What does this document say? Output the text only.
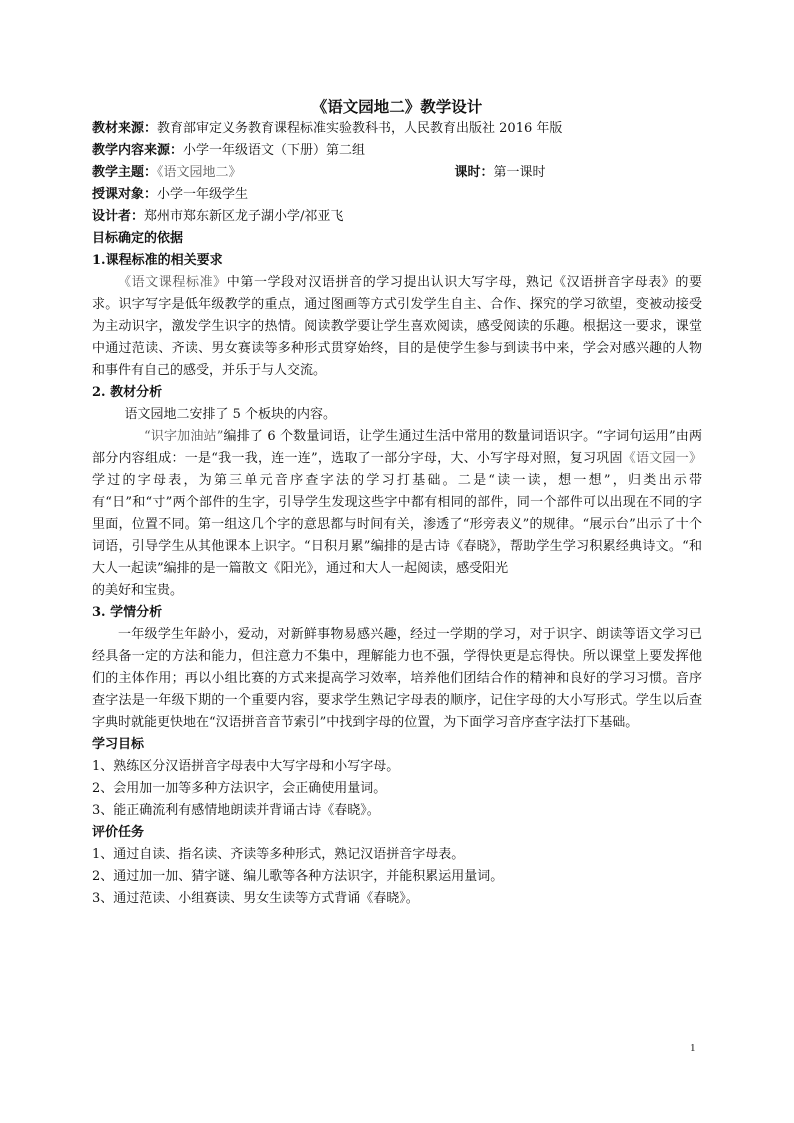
《语文园地二》教学设计

教材来源：教育部审定义务教育课程标准实验教科书，人民教育出版社 2016 年版

教学内容来源：小学一年级语文（下册）第二组

教学主题：《语文园地二》	课时：第一课时

授课对象：小学一年级学生

设计者：郑州市郑东新区龙子湖小学/祁亚飞

目标确定的依据

1.课程标准的相关要求

《语文课程标准》中第一学段对汉语拼音的学习提出认识大写字母，熟记《汉语拼音字母表》的要求。识字写字是低年级教学的重点，通过图画等方式引发学生自主、合作、探究的学习欲望，变被动接受为主动识字，激发学生识字的热情。阅读教学要让学生喜欢阅读，感受阅读的乐趣。根据这一要求，课堂中通过范读、齐读、男女赛读等多种形式贯穿始终，目的是使学生参与到读书中来，学会对感兴趣的人物和事件有自己的感受，并乐于与人交流。

2. 教材分析

语文园地二安排了 5 个板块的内容。

“识字加油站”编排了 6 个数量词语，让学生通过生活中常用的数量词语识字。“字词句运用”由两部分内容组成：一是“我一我，连一连”，选取了一部分字母，大、小写字母对照，复习巩固《语文园一》学过的字母表，为第三单元音序查字法的学习打基础。二是“读一读，想一想”，归类出示带有“日”和“寸”两个部件的生字，引导学生发现这些字中都有相同的部件，同一个部件可以出现在不同的字里面，位置不同。第一组这几个字的意思都与时间有关，渗透了“形旁表义”的规律。“展示台”出示了十个词语，引导学生从其他课本上识字。“日积月累”编排的是古诗《春晓》，帮助学生学习积累经典诗文。“和大人一起读”编排的是一篇散文《阳光》，通过和大人一起阅读，感受阳光

的美好和宝贵。

3. 学情分析

一年级学生年龄小，爱动，对新鲜事物易感兴趣，经过一学期的学习，对于识字、朗读等语文学习已经具备一定的方法和能力，但注意力不集中，理解能力也不强，学得快更是忘得快。所以课堂上要发挥他们的主体作用；再以小组比赛的方式来提高学习效率，培养他们团结合作的精神和良好的学习习惯。音序查字法是一年级下期的一个重要内容，要求学生熟记字母表的顺序，记住字母的大小写形式。学生以后查字典时就能更快地在“汉语拼音音节索引”中找到字母的位置，为下面学习音序查字法打下基础。

学习目标

1、熟练区分汉语拼音字母表中大写字母和小写字母。

2、会用加一加等多种方法识字，会正确使用量词。

3、能正确流利有感情地朗读并背诵古诗《春晓》。

评价任务

1、通过自读、指名读、齐读等多种形式，熟记汉语拼音字母表。

2、通过加一加、猜字谜、编儿歌等各种方法识字，并能积累运用量词。

3、通过范读、小组赛读、男女生读等方式背诵《春晓》。

1
